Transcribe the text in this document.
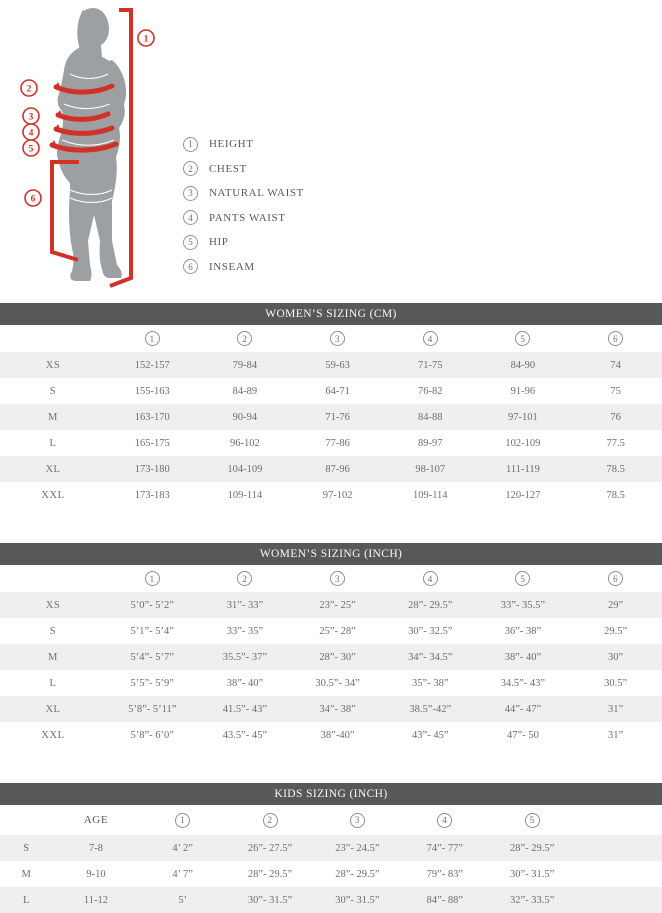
1
2
3
4
5
6
1	HEIGHT
2	CHEST
3	NATURAL WAIST
4	PANTS WAIST
5	HIP
6	INSEAM
WOMEN’S SIZING (CM)
	1	2	3	4	5	6
XS	152-157	79-84	59-63	71-75	84-90	74
S	155-163	84-89	64-71	76-82	91-96	75
M	163-170	90-94	71-76	84-88	97-101	76
L	165-175	96-102	77-86	89-97	102-109	77.5
XL	173-180	104-109	87-96	98-107	111-119	78.5
XXL	173-183	109-114	97-102	109-114	120-127	78.5
WOMEN’S SIZING (INCH)
	1	2	3	4	5	6
XS	5’0”- 5’2”	31”- 33”	23”- 25”	28”- 29.5”	33”- 35.5”	29”
S	5’1”- 5’4”	33”- 35”	25”- 28”	30”- 32.5”	36”- 38”	29.5”
M	5’4”- 5’7”	35.5”- 37”	28”- 30”	34”- 34.5”	38”- 40”	30”
L	5’5”- 5’9”	38”- 40”	30.5”- 34”	35”- 38”	34.5”- 43”	30.5”
XL	5’8”- 5’11”	41.5”- 43”	34”- 38”	38.5”-42”	44”- 47”	31”
XXL	5’8”- 6’0”	43.5”- 45”	38”-40”	43”- 45”	47”- 50	31”
KIDS SIZING (INCH)
	AGE	1	2	3	4	5	
S	7-8	4’ 2”	26”- 27.5”	23”- 24.5”	74”- 77”	28”- 29.5”	
M	9-10	4’ 7”	28”- 29.5”	28”- 29.5”	79”- 83”	30”- 31.5”	
L	11-12	5’	30”- 31.5”	30”- 31.5”	84”- 88”	32”- 33.5”	
